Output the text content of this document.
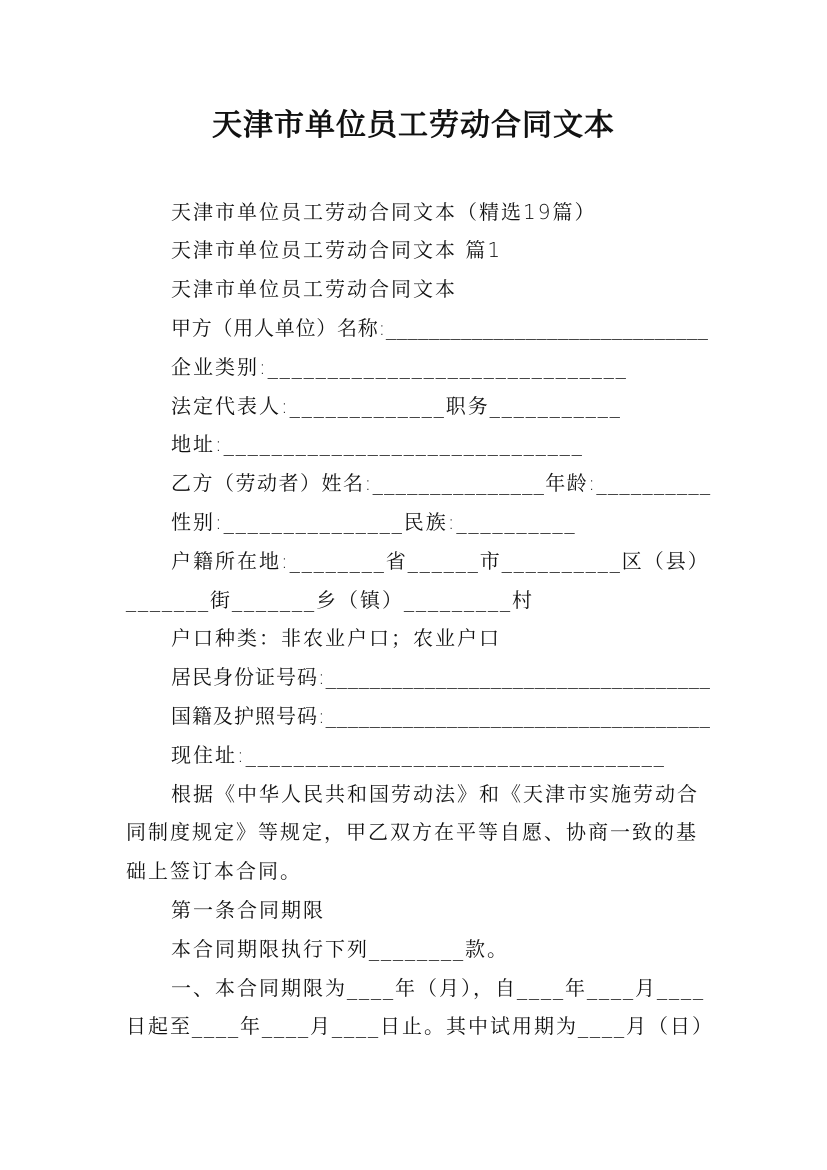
天津市单位员工劳动合同文本
天津市单位员工劳动合同文本（精选19篇）
天津市单位员工劳动合同文本 篇1
天津市单位员工劳动合同文本
甲方（用人单位）名称:______________________________
企业类别:______________________________
法定代表人:_____________职务___________
地址:______________________________
乙方（劳动者）姓名:_______________年龄:__________
性别:_______________民族:__________
户籍所在地:________省______市__________区（县）
_______街_______乡（镇）_________村
户口种类：非农业户口；农业户口
居民身份证号码:___________________________________
国籍及护照号码:___________________________________
现住址:___________________________________
根据《中华人民共和国劳动法》和《天津市实施劳动合
同制度规定》等规定，甲乙双方在平等自愿、协商一致的基
础上签订本合同。
第一条合同期限
本合同期限执行下列________款。
一、本合同期限为____年（月），自____年____月____
日起至____年____月____日止。其中试用期为____月（日）
